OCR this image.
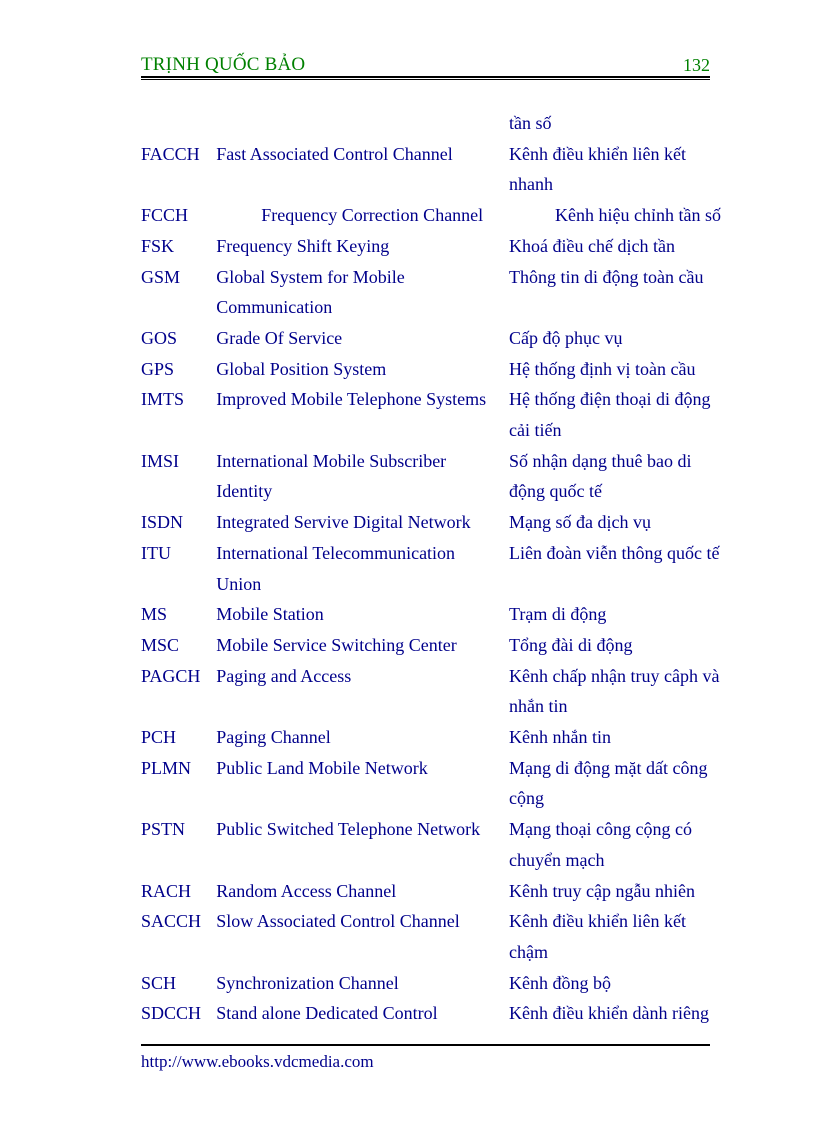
TRỊNH QUỐC BẢO	132
		tần số
FACCH	Fast Associated Control Channel	Kênh điều khiển liên kết
		nhanh
FCCH	Frequency Correction Channel	Kênh hiệu chỉnh tần số
FSK	Frequency Shift Keying	Khoá điều chế dịch tần
GSM	Global System for Mobile	Thông tin di động toàn cầu
	Communication	
GOS	Grade Of Service	Cấp độ phục vụ
GPS	Global Position System	Hệ thống định vị toàn cầu
IMTS	Improved Mobile Telephone Systems	Hệ thống điện thoại di động
		cải tiến
IMSI	International Mobile Subscriber	Số nhận dạng thuê bao di
	Identity	động quốc tế
ISDN	Integrated Servive Digital Network	Mạng số đa dịch vụ
ITU	International Telecommunication	Liên đoàn viễn thông quốc tế
	Union	
MS	Mobile Station	Trạm di động
MSC	Mobile Service Switching Center	Tổng đài di động
PAGCH	Paging and Access	Kênh chấp nhận truy câph và
		nhắn tin
PCH	Paging Channel	Kênh nhắn tin
PLMN	Public Land Mobile Network	Mạng di động mặt dất công
		cộng
PSTN	Public Switched Telephone Network	Mạng thoại công cộng có
		chuyển mạch
RACH	Random Access Channel	Kênh truy cập ngẫu nhiên
SACCH	Slow Associated Control Channel	Kênh điều khiển liên kết
		chậm
SCH	Synchronization Channel	Kênh đồng bộ
SDCCH	Stand alone Dedicated Control	Kênh điều khiển dành riêng
http://www.ebooks.vdcmedia.com
